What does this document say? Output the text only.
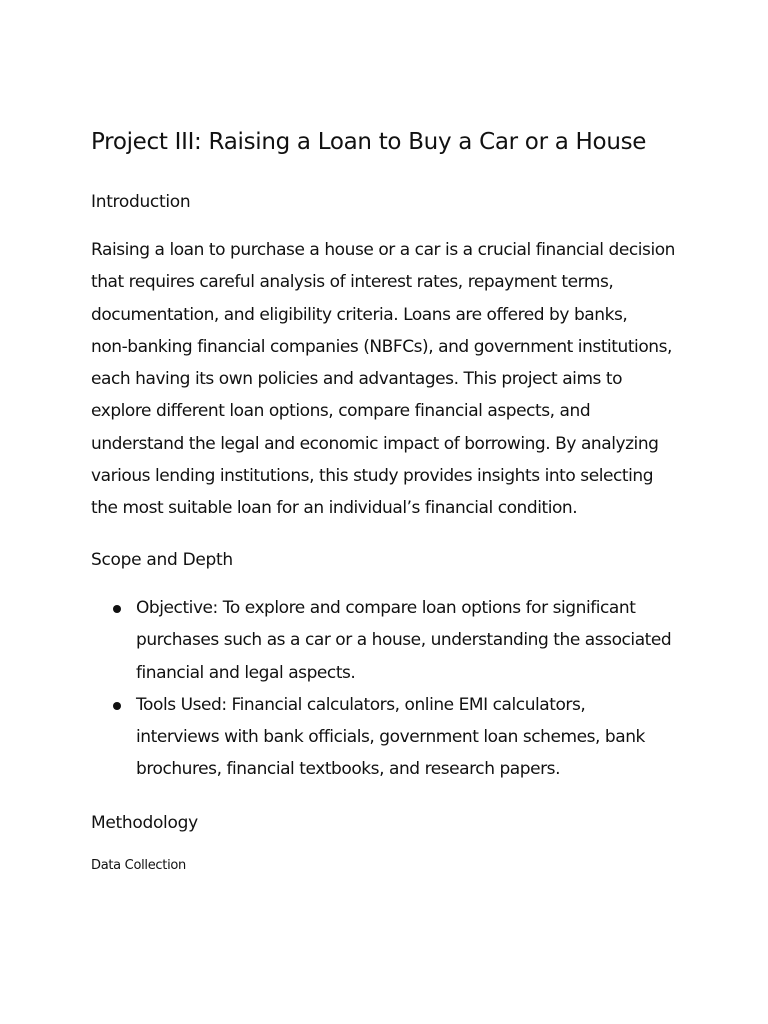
Project III: Raising a Loan to Buy a Car or a House
Introduction

Raising a loan to purchase a house or a car is a crucial financial decision
that requires careful analysis of interest rates, repayment terms,
documentation, and eligibility criteria. Loans are offered by banks,
non-banking financial companies (NBFCs), and government institutions,
each having its own policies and advantages. This project aims to
explore different loan options, compare financial aspects, and
understand the legal and economic impact of borrowing. By analyzing
various lending institutions, this study provides insights into selecting
the most suitable loan for an individual’s financial condition.

Scope and Depth
Objective: To explore and compare loan options for significant
purchases such as a car or a house, understanding the associated
financial and legal aspects.
Tools Used: Financial calculators, online EMI calculators,
interviews with bank officials, government loan schemes, bank
brochures, financial textbooks, and research papers.
Methodology
Data Collection
